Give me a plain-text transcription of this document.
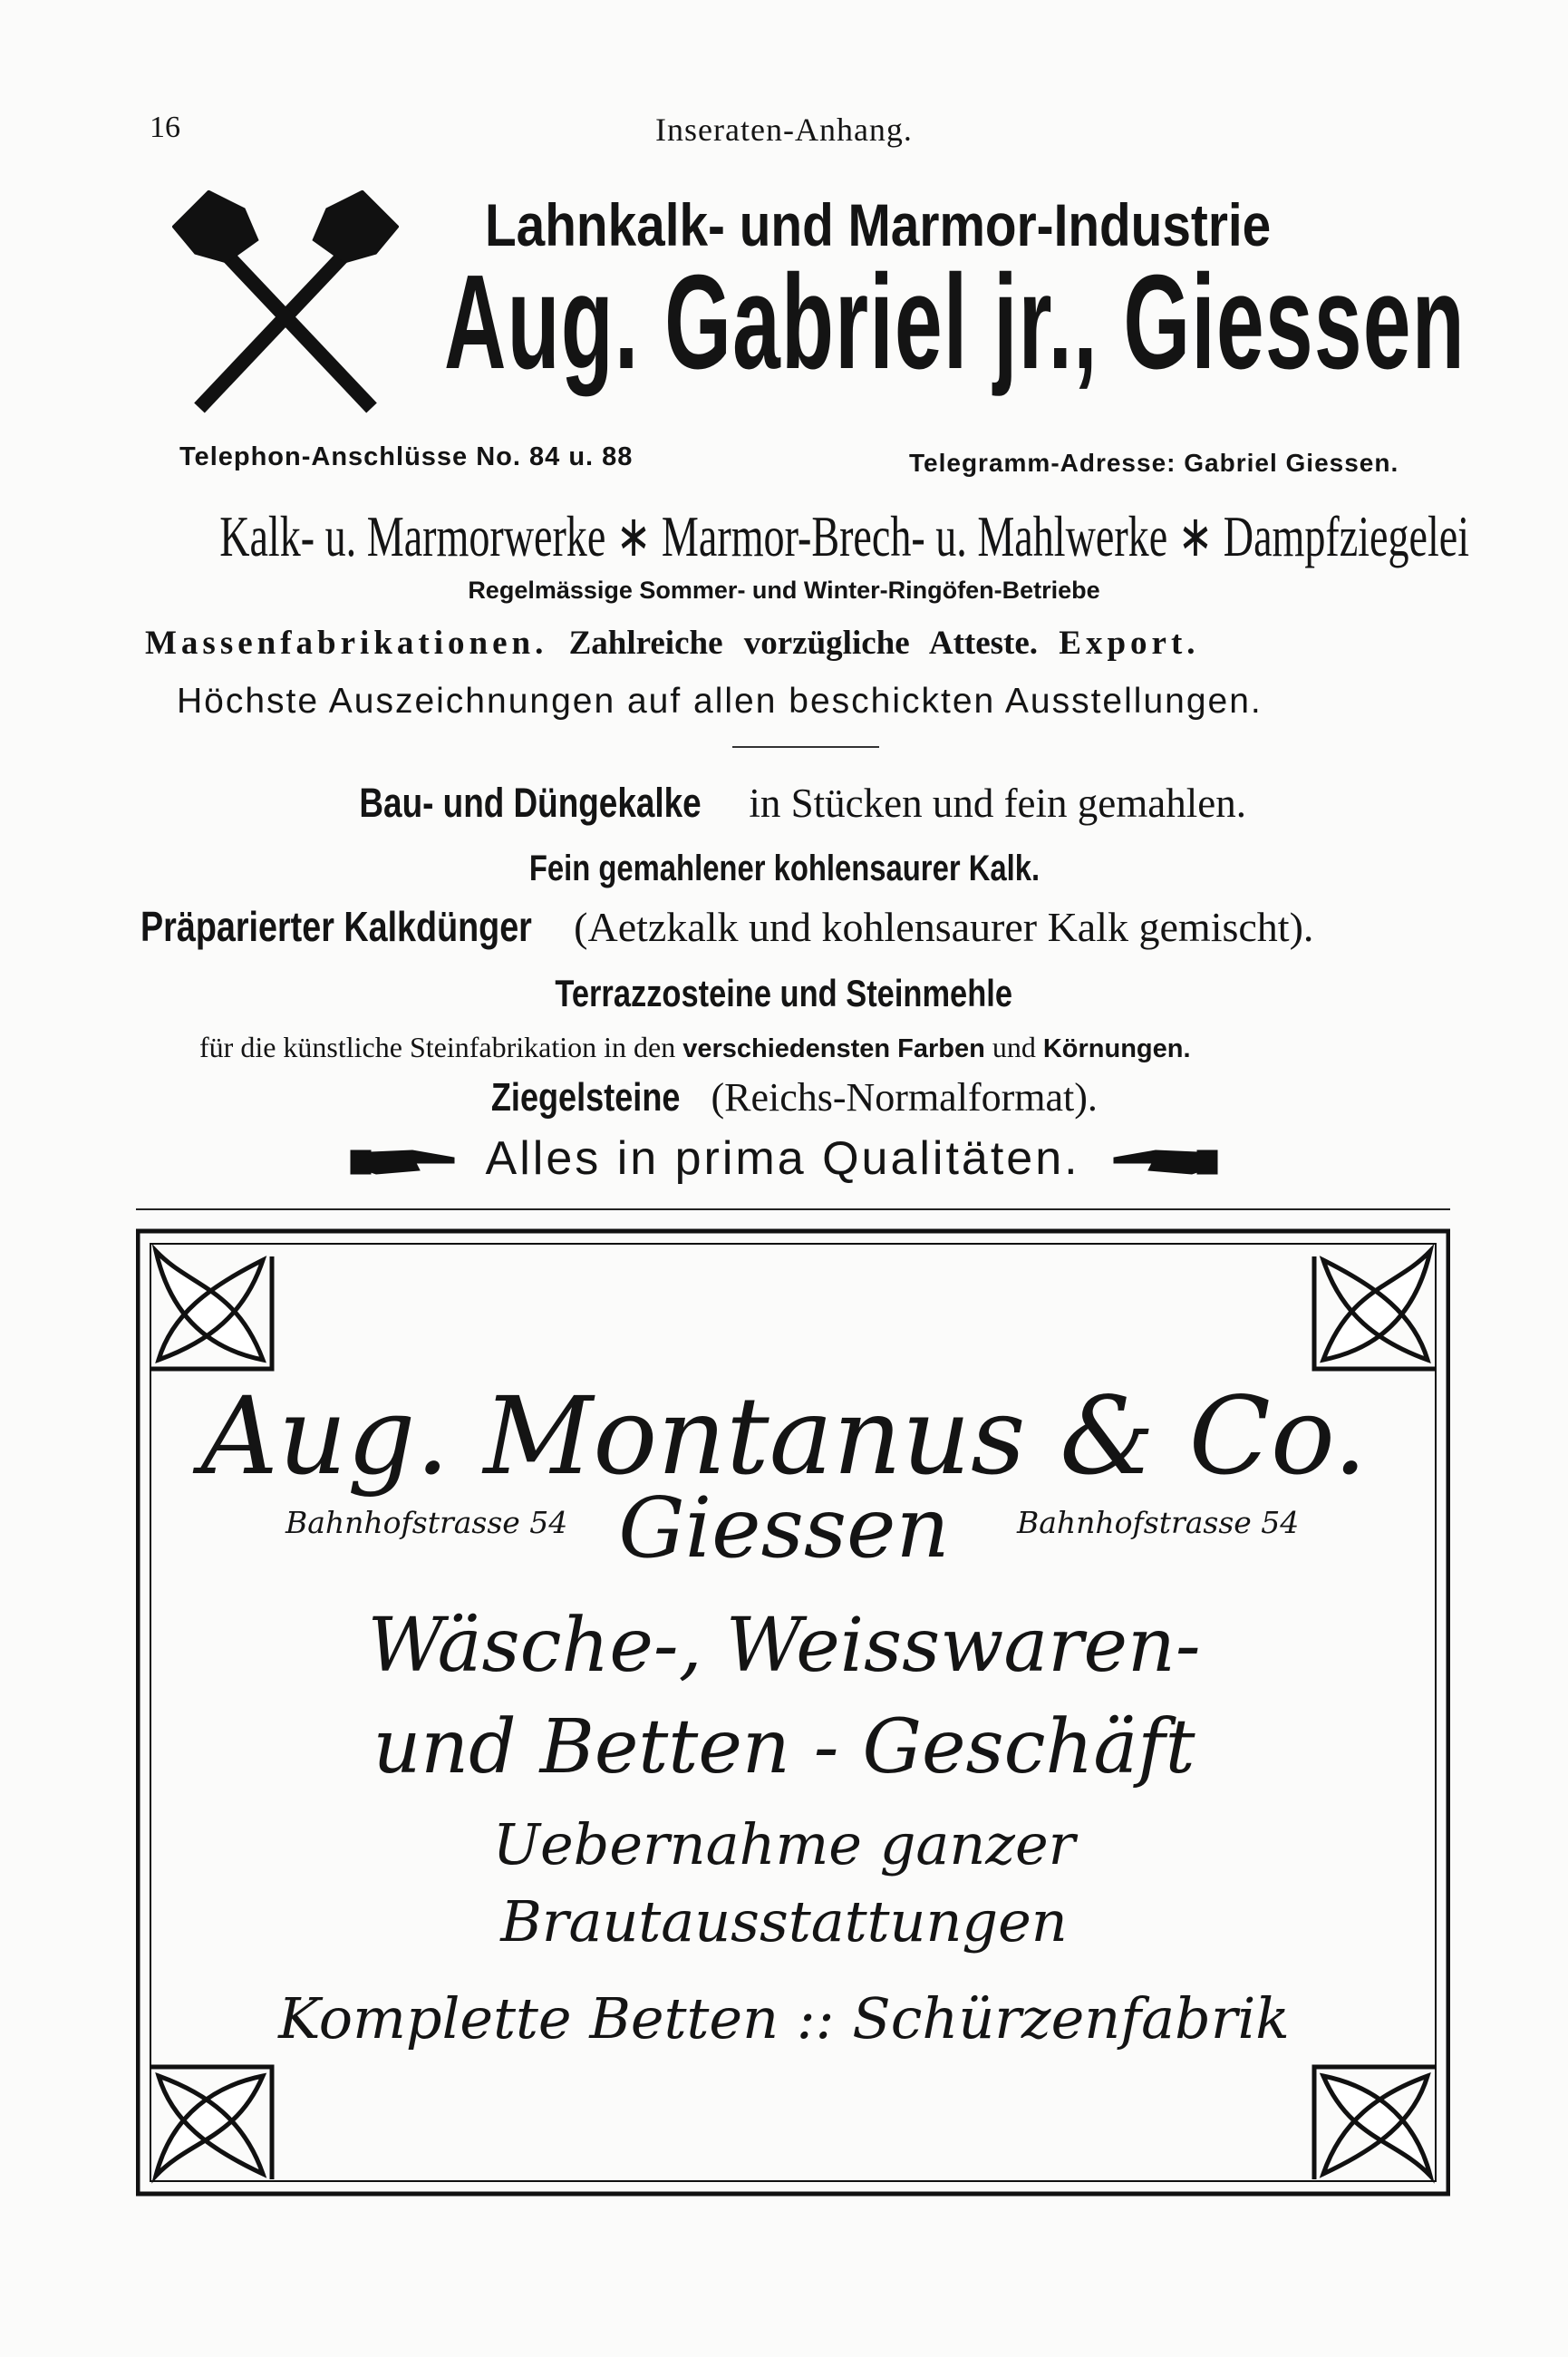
16	Inseraten-Anhang.
Lahnkalk- und Marmor-Industrie
Aug. Gabriel jr., Giessen
Telephon-Anschlüsse No. 84 u. 88	Telegramm-Adresse: Gabriel Giessen.
Kalk- u. Marmorwerke ∗ Marmor-Brech- u. Mahlwerke ∗ Dampfziegelei
Regelmässige Sommer- und Winter-Ringöfen-Betriebe
Massenfabrikationen. Zahlreiche vorzügliche Atteste. Export.
Höchste Auszeichnungen auf allen beschickten Ausstellungen.
Bau- und Düngekalke in Stücken und fein gemahlen.
Fein gemahlener kohlensaurer Kalk.
Präparierter Kalkdünger (Aetzkalk und kohlensaurer Kalk gemischt).
Terrazzosteine und Steinmehle
für die künstliche Steinfabrikation in den verschiedensten Farben und Körnungen.
Ziegelsteine (Reichs-Normalformat).
Alles in prima Qualitäten.
Aug. Montanus & Co.
Bahnhofstrasse 54 Giessen	Bahnhofstrasse 54
Wäsche-, Weisswaren-
und Betten - Geschäft
Uebernahme ganzer
Brautausstattungen
Komplette Betten :: Schürzenfabrik
